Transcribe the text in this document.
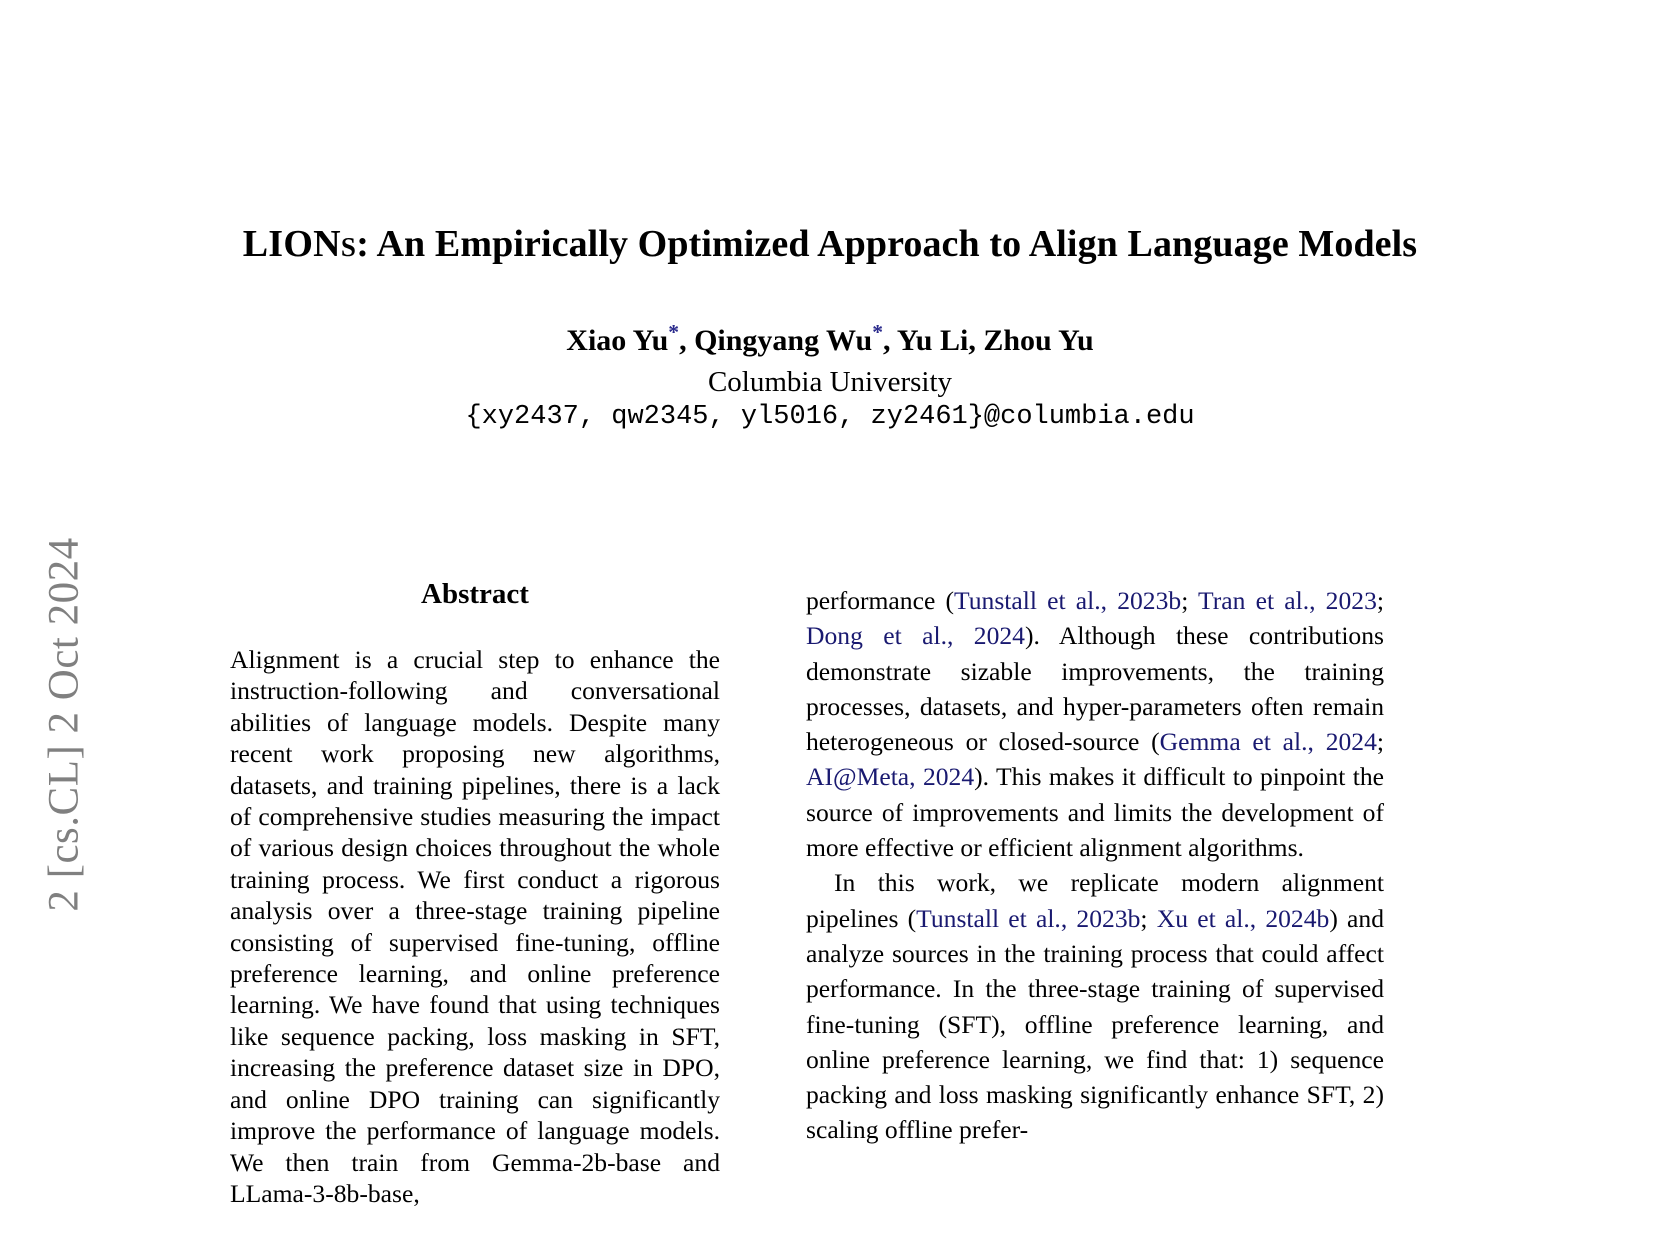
2 [cs.CL] 2 Oct 2024
LIONs: An Empirically Optimized Approach to Align Language Models
Xiao Yu*, Qingyang Wu*, Yu Li, Zhou Yu
Columbia University
{xy2437, qw2345, yl5016, zy2461}@columbia.edu
Abstract
Alignment is a crucial step to enhance the instruction-following and conversational abilities of language models. Despite many recent work proposing new algorithms, datasets, and training pipelines, there is a lack of comprehensive studies measuring the impact of various design choices throughout the whole training process. We first conduct a rigorous analysis over a three-stage training pipeline consisting of supervised fine-tuning, offline preference learning, and online preference learning. We have found that using techniques like sequence packing, loss masking in SFT, increasing the preference dataset size in DPO, and online DPO training can significantly improve the performance of language models. We then train from Gemma-2b-base and LLama-3-8b-base,

performance (Tunstall et al., 2023b; Tran et al., 2023; Dong et al., 2024). Although these contributions demonstrate sizable improvements, the training processes, datasets, and hyper-parameters often remain heterogeneous or closed-source (Gemma et al., 2024; AI@Meta, 2024). This makes it difficult to pinpoint the source of improvements and limits the development of more effective or efficient alignment algorithms.

In this work, we replicate modern alignment pipelines (Tunstall et al., 2023b; Xu et al., 2024b) and analyze sources in the training process that could affect performance. In the three-stage training of supervised fine-tuning (SFT), offline preference learning, and online preference learning, we find that: 1) sequence packing and loss masking significantly enhance SFT, 2) scaling offline prefer-
